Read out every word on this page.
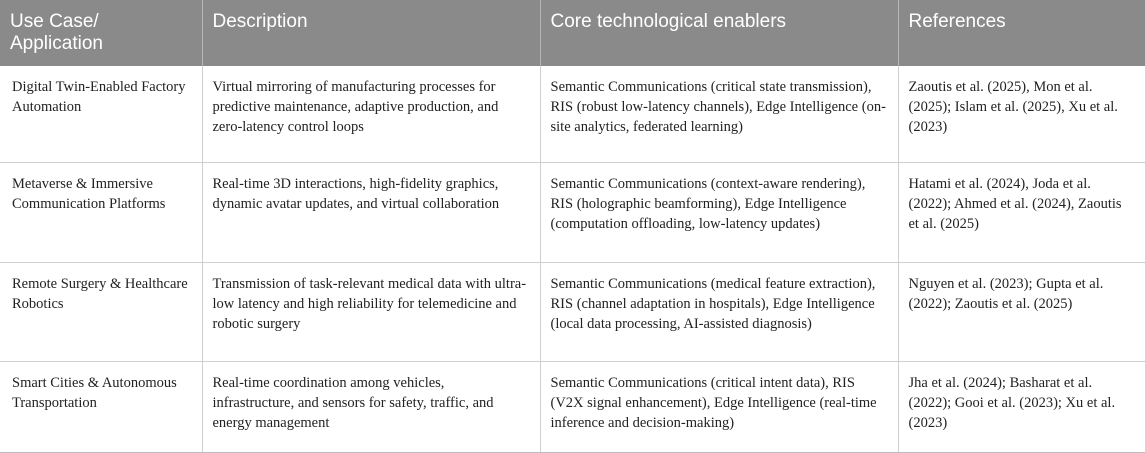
Use Case/ Application	Description	Core technological enablers	References
Digital Twin-Enabled Factory Automation	Virtual mirroring of manufacturing processes for predictive maintenance, adaptive production, and zero-latency control loops	Semantic Communications (critical state transmission), RIS (robust low-latency channels), Edge Intelligence (on-site analytics, federated learning)	Zaoutis et al. (2025), Mon et al. (2025); Islam et al. (2025), Xu et al. (2023)
Metaverse & Immersive Communication Platforms	Real-time 3D interactions, high-fidelity graphics, dynamic avatar updates, and virtual collaboration	Semantic Communications (context-aware rendering), RIS (holographic beamforming), Edge Intelligence (computation offloading, low-latency updates)	Hatami et al. (2024), Joda et al. (2022); Ahmed et al. (2024), Zaoutis et al. (2025)
Remote Surgery & Healthcare Robotics	Transmission of task-relevant medical data with ultra-low latency and high reliability for telemedicine and robotic surgery	Semantic Communications (medical feature extraction), RIS (channel adaptation in hospitals), Edge Intelligence (local data processing, AI-assisted diagnosis)	Nguyen et al. (2023); Gupta et al. (2022); Zaoutis et al. (2025)
Smart Cities & Autonomous Transportation	Real-time coordination among vehicles, infrastructure, and sensors for safety, traffic, and energy management	Semantic Communications (critical intent data), RIS (V2X signal enhancement), Edge Intelligence (real-time inference and decision-making)	Jha et al. (2024); Basharat et al. (2022); Gooi et al. (2023); Xu et al. (2023)
